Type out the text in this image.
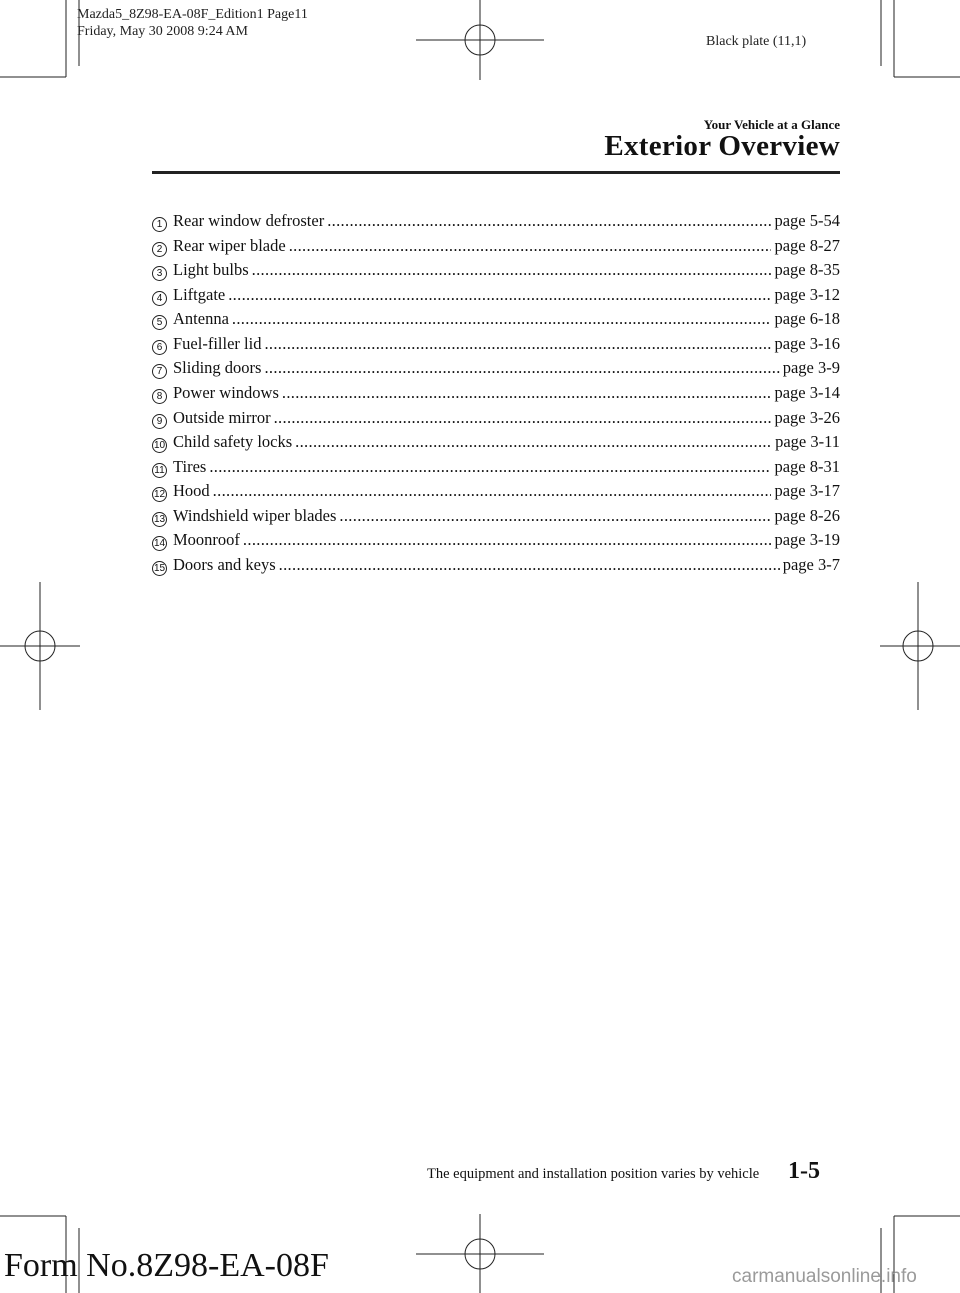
Mazda5_8Z98-EA-08F_Edition1 Page11
Friday, May 30 2008 9:24 AM
Black plate (11,1)
Your Vehicle at a Glance
Exterior Overview
1 Rear window defroster . . .	page 5-54
2 Rear wiper blade . . .	page 8-27
3 Light bulbs . . .	page 8-35
4 Liftgate . . .	page 3-12
5 Antenna . . .	page 6-18
6 Fuel-filler lid . . .	page 3-16
7 Sliding doors . . .	page 3-9
8 Power windows . . .	page 3-14
9 Outside mirror . . .	page 3-26
10 Child safety locks . . .	page 3-11
11 Tires . . .	page 8-31
12 Hood . . .	page 3-17
13 Windshield wiper blades . . .	page 8-26
14 Moonroof . . .	page 3-19
15 Doors and keys . . .	page 3-7
The equipment and installation position varies by vehicle 1-5
Form No.8Z98-EA-08F	carmanualsonline.info
